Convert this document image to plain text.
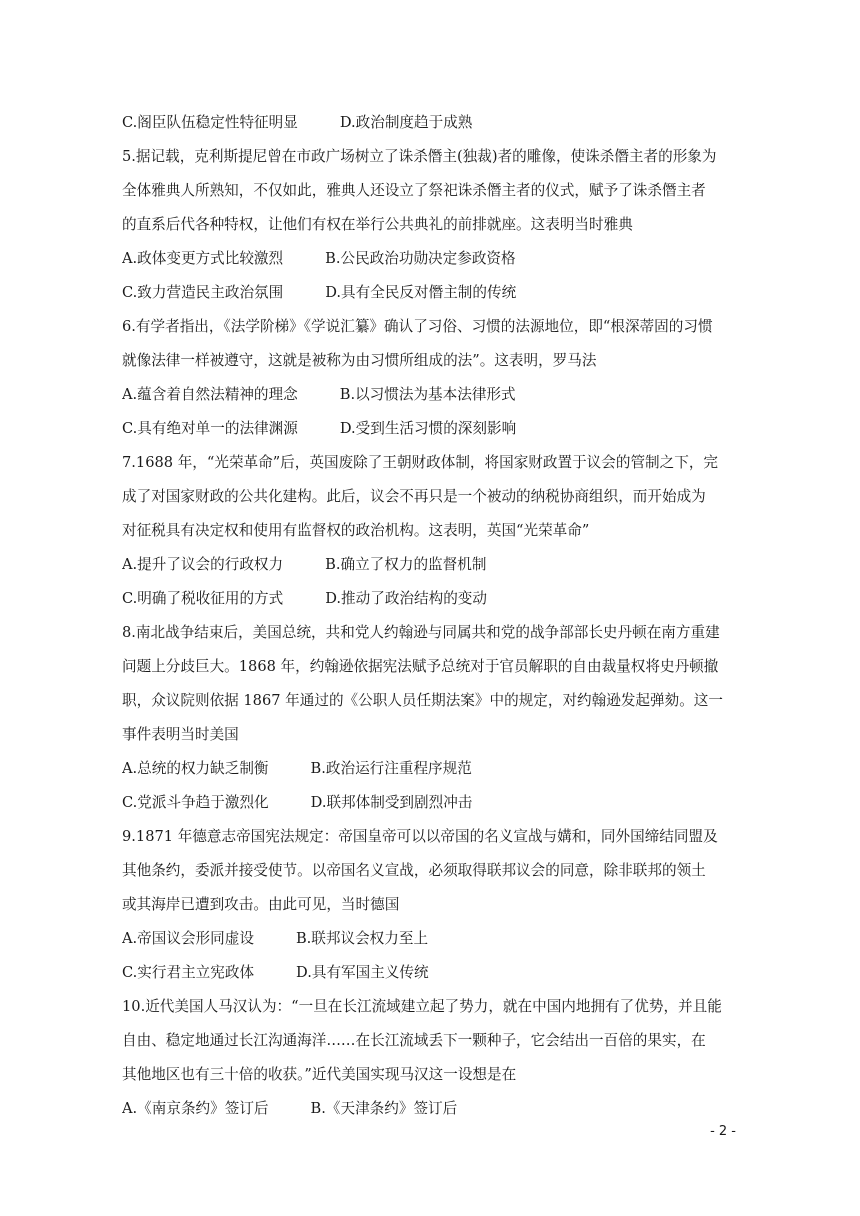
C.阁臣队伍稳定性特征明显	D.政治制度趋于成熟
5.据记载，克利斯提尼曾在市政广场树立了诛杀僭主(独裁)者的雕像，使诛杀僭主者的形象为
全体雅典人所熟知，不仅如此，雅典人还设立了祭祀诛杀僭主者的仪式，赋予了诛杀僭主者
的直系后代各种特权，让他们有权在举行公共典礼的前排就座。这表明当时雅典
A.政体变更方式比较激烈	B.公民政治功勋决定参政资格
C.致力营造民主政治氛围	D.具有全民反对僭主制的传统
6.有学者指出，《法学阶梯》《学说汇纂》确认了习俗、习惯的法源地位，即“根深蒂固的习惯
就像法律一样被遵守，这就是被称为由习惯所组成的法”。这表明，罗马法
A.蕴含着自然法精神的理念	B.以习惯法为基本法律形式
C.具有绝对单一的法律渊源	D.受到生活习惯的深刻影响
7.1688 年，“光荣革命”后，英国废除了王朝财政体制，将国家财政置于议会的管制之下，完
成了对国家财政的公共化建构。此后，议会不再只是一个被动的纳税协商组织，而开始成为
对征税具有决定权和使用有监督权的政治机构。这表明，英国“光荣革命”
A.提升了议会的行政权力	B.确立了权力的监督机制
C.明确了税收征用的方式	D.推动了政治结构的变动
8.南北战争结束后，美国总统，共和党人约翰逊与同属共和党的战争部部长史丹顿在南方重建
问题上分歧巨大。1868 年，约翰逊依据宪法赋予总统对于官员解职的自由裁量权将史丹顿撤
职，众议院则依据 1867 年通过的《公职人员任期法案》中的规定，对约翰逊发起弹劾。这一
事件表明当时美国
A.总统的权力缺乏制衡	B.政治运行注重程序规范
C.党派斗争趋于激烈化	D.联邦体制受到剧烈冲击
9.1871 年德意志帝国宪法规定：帝国皇帝可以以帝国的名义宣战与媾和，同外国缔结同盟及
其他条约，委派并接受使节。以帝国名义宣战，必须取得联邦议会的同意，除非联邦的领土
或其海岸已遭到攻击。由此可见，当时德国
A.帝国议会形同虚设	B.联邦议会权力至上
C.实行君主立宪政体	D.具有军国主义传统
10.近代美国人马汉认为：“一旦在长江流域建立起了势力，就在中国内地拥有了优势，并且能
自由、稳定地通过长江沟通海洋……在长江流域丢下一颗种子，它会结出一百倍的果实，在
其他地区也有三十倍的收获。”近代美国实现马汉这一设想是在
A.《南京条约》签订后	B.《天津条约》签订后
- 2 -
